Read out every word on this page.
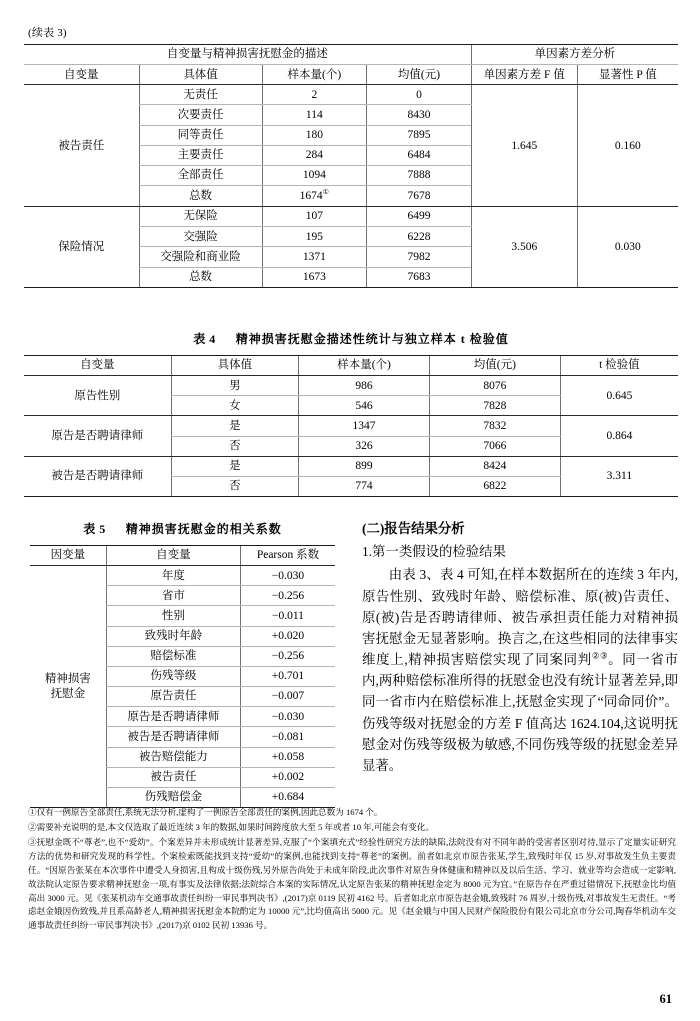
(续表 3)
自变量与精神损害抚慰金的描述				单因素方差分析	
自变量	具体值	样本量(个)	均值(元)	单因素方差 F 值	显著性 P 值
被告责任	无责任	2	0	1.645	0.160
	次要责任	114	8430		
	同等责任	180	7895		
	主要责任	284	6484		
	全部责任	1094	7888		
	总数	1674①	7678		
保险情况	无保险	107	6499	3.506	0.030
	交强险	195	6228		
	交强险和商业险	1371	7982		
	总数	1673	7683		
表 4 精神损害抚慰金描述性统计与独立样本 t 检验值
自变量	具体值	样本量(个)	均值(元)	t 检验值
原告性别	男	986	8076	0.645
	女	546	7828	
原告是否聘请律师	是	1347	7832	0.864
	否	326	7066	
被告是否聘请律师	是	899	8424	3.311
	否	774	6822	
表 5 精神损害抚慰金的相关系数
因变量	自变量	Pearson 系数
精神损害
抚慰金	年度	−0.030
	省市	−0.256
	性别	−0.011
	致残时年龄	+0.020
	赔偿标准	−0.256
	伤残等级	+0.701
	原告责任	−0.007
	原告是否聘请律师	−0.030
	被告是否聘请律师	−0.081
	被告赔偿能力	+0.058
	被告责任	+0.002
	伤残赔偿金	+0.684
(二)报告结果分析
1.第一类假设的检验结果

由表 3、表 4 可知,在样本数据所在的连续 3 年内,原告性别、致残时年龄、赔偿标准、原(被)告责任、原(被)告是否聘请律师、被告承担责任能力对精神损害抚慰金无显著影响。换言之,在这些相同的法律事实维度上,精神损害赔偿实现了同案同判②③。同一省市内,两种赔偿标准所得的抚慰金也没有统计显著差异,即同一省市内在赔偿标准上,抚慰金实现了“同命同价”。伤残等级对抚慰金的方差 F 值高达 1624.104,这说明抚慰金对伤残等级极为敏感,不同伤残等级的抚慰金差异显著。

①仅有一例原告全部责任,系统无法分析,虚构了一例原告全部责任的案例,因此总数为 1674 个。

②需要补充说明的是,本文仅选取了最近连续 3 年的数据,如果时间跨度放大至 5 年或者 10 年,可能会有变化。

③抚慰金既不“尊老”,也不“爱幼”。个案差异并未形成统计显著差异,克服了“个案填充式”经验性研究方法的缺陷,法院没有对不同年龄的受害者区别对待,显示了定量实证研究方法的优势和研究发现的科学性。个案检索既能找到支持“爱幼”的案例,也能找到支持“尊老”的案例。前者如北京市原告张某,学生,致残时年仅 15 岁,对事故发生负主要责任。“因原告张某在本次事件中遭受人身损害,且构成十级伤残,另外原告尚处于未成年阶段,此次事件对原告身体健康和精神以及以后生活、学习、就业等均会造成一定影响,故法院认定原告要求精神抚慰金一项,有事实及法律依据;法院综合本案的实际情况,认定原告张某的精神抚慰金定为 8000 元为宜。”在原告存在严重过错情况下,抚慰金比均值高出 3000 元。见《张某机动车交通事故责任纠纷一审民事判决书》,(2017)京 0119 民初 4162 号。后者如北京市原告赵金娥,致残时 76 周岁,十级伤残,对事故发生无责任。“考虑赵金娥因伤致残,并且系高龄老人,精神损害抚慰金本院酌定为 10000 元”,比均值高出 5000 元。见《赵金娥与中国人民财产保险股份有限公司北京市分公司,陶春华机动车交通事故责任纠纷一审民事判决书》,(2017)京 0102 民初 13936 号。

61
